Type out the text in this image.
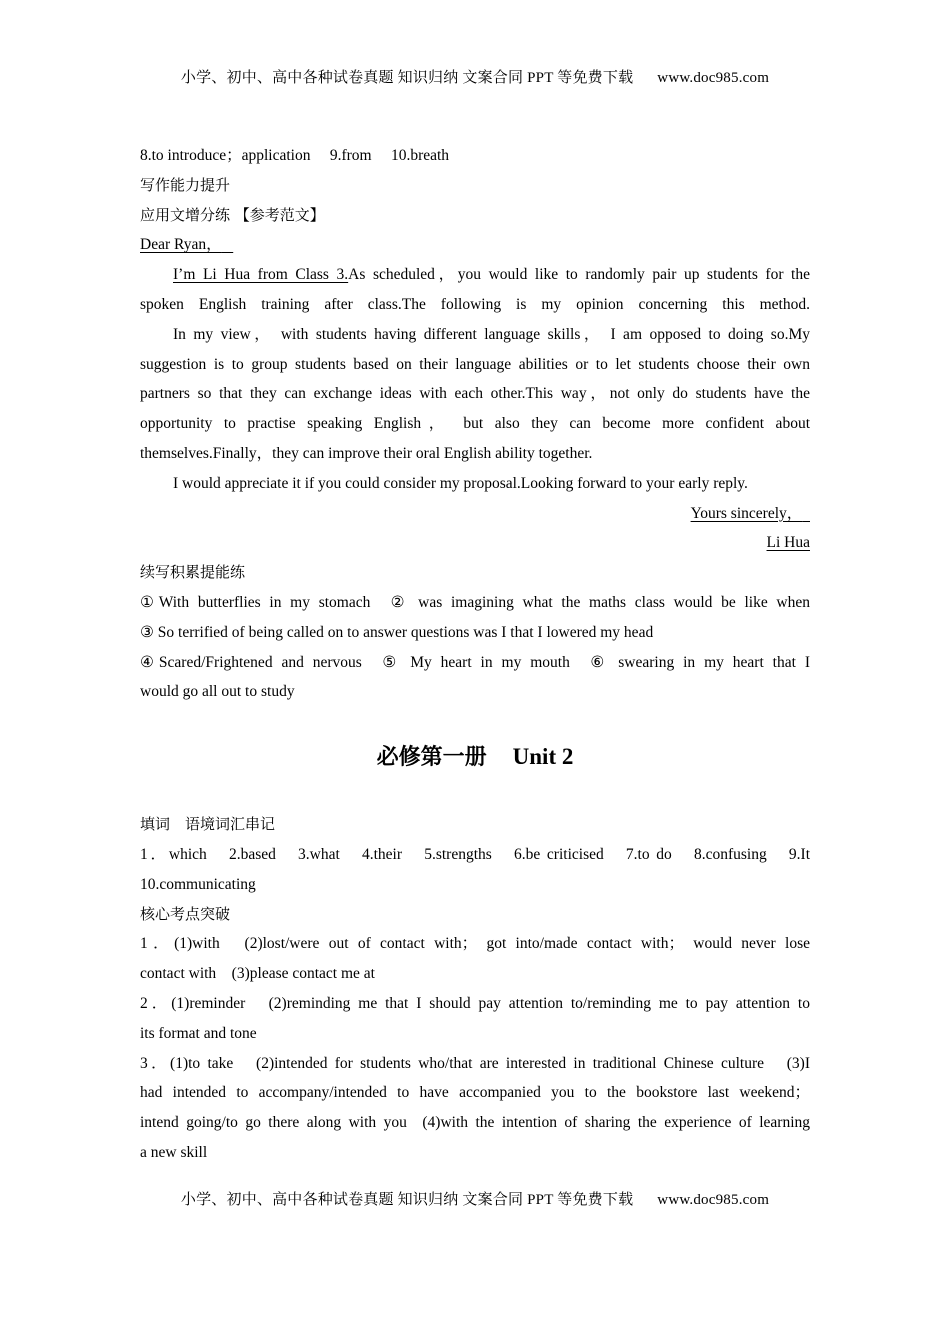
小学、初中、高中各种试卷真题 知识归纳 文案合同 PPT 等免费下载 www.doc985.com
8.to introduce；application  9.from  10.breath
写作能力提升
应用文增分练 【参考范文】
Dear Ryan，
I’m Li Hua from Class 3.As scheduled，you would like to randomly pair up students for the
spoken English training after class.The following is my opinion concerning this method.
In my view， with students having different language skills， I am opposed to doing so.My
suggestion is to group students based on their language abilities or to let students choose their own
partners so that they can exchange ideas with each other.This way，not only do students have the
opportunity to practise speaking English， but also they can become more confident about
themselves.Finally，they can improve their oral English ability together.
I would appreciate it if you could consider my proposal.Looking forward to your early reply.
Yours sincerely，
Li Hua
续写积累提能练
①With butterflies in my stomach ② was imagining what the maths class would be like when
③ So terrified of being called on to answer questions was I that I lowered my head
④Scared/Frightened and nervous ⑤ My heart in my mouth ⑥ swearing in my heart that I
would go all out to study
必修第一册 Unit 2
填词 语境词汇串记
1．which  2.based  3.what  4.their  5.strengths  6.be criticised  7.to do  8.confusing  9.It
10.communicating
核心考点突破
1．(1)with  (2)lost/were out of contact with； got into/made contact with； would never lose
contact with (3)please contact me at
2．(1)reminder  (2)reminding me that I should pay attention to/reminding me to pay attention to
its format and tone
3．(1)to take  (2)intended for students who/that are interested in traditional Chinese culture  (3)I
had intended to accompany/intended to have accompanied you to the bookstore last weekend；
intend going/to go there along with you (4)with the intention of sharing the experience of learning
a new skill
小学、初中、高中各种试卷真题 知识归纳 文案合同 PPT 等免费下载 www.doc985.com
